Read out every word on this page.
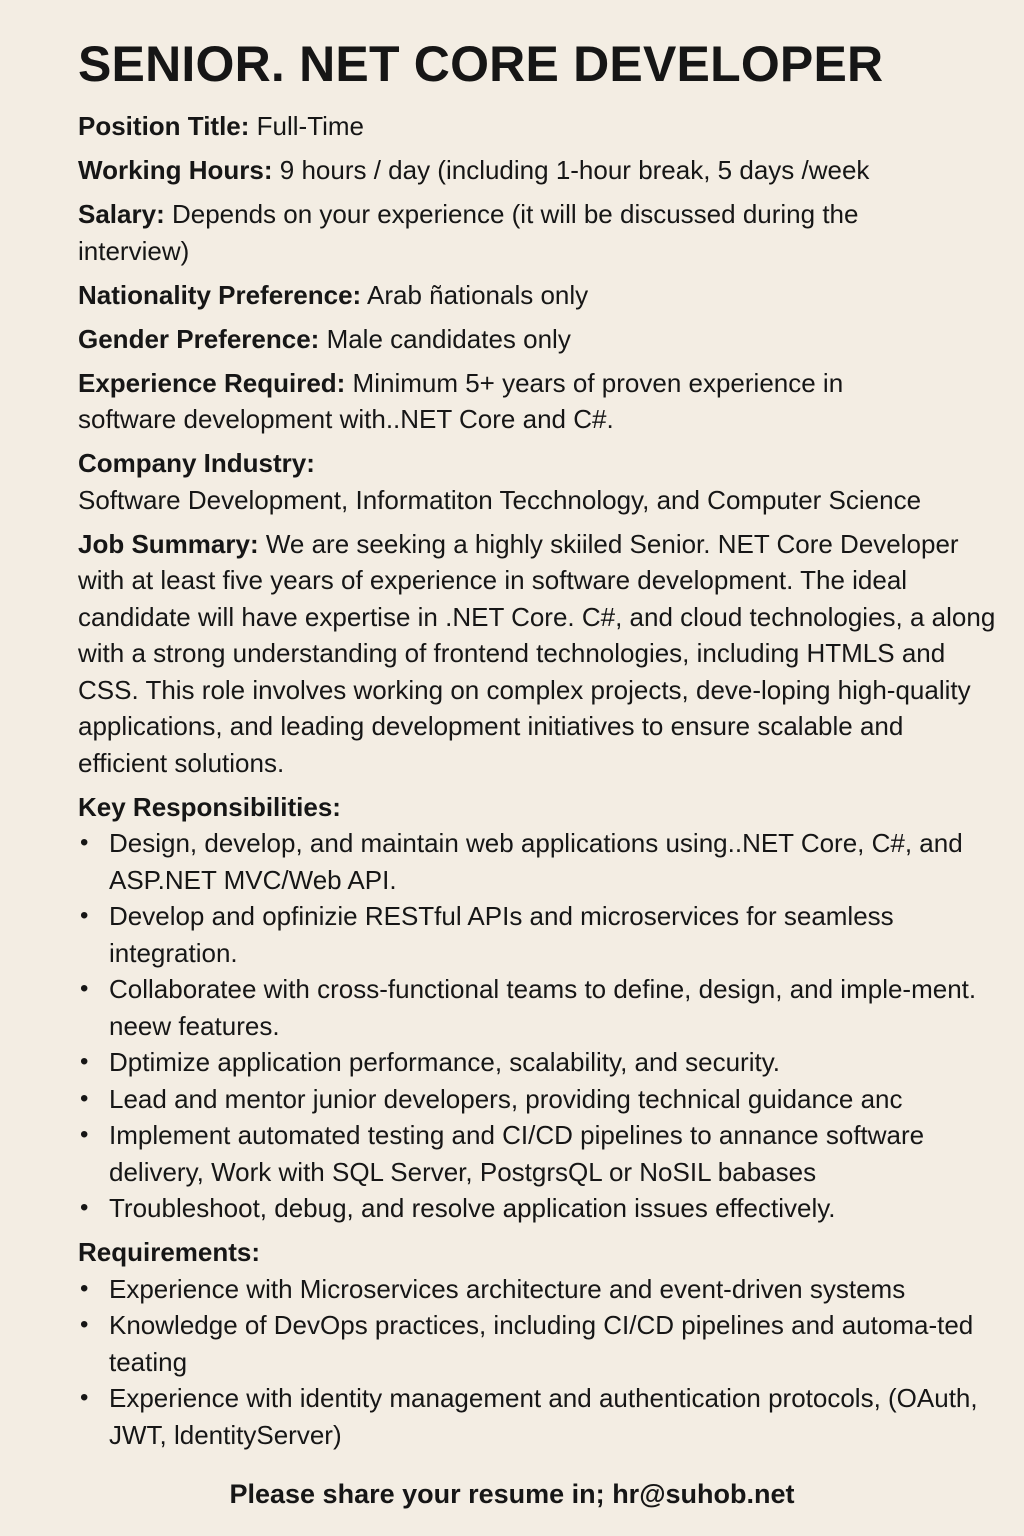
SENIOR. NET CORE DEVELOPER
Position Title: Full-Time
Working Hours: 9 hours / day (including 1-hour break, 5 days /week
Salary: Depends on your experience (it will be discussed during the interview)
Nationality Preference: Arab ñationals only
Gender Preference: Male candidates only
Experience Required: Minimum 5+ years of proven experience in software development with..NET Core and C#.
Company Industry:
Software Development, Informatiton Tecchnology, and Computer Science
Job Summary: We are seeking a highly skiiled Senior. NET Core Developer with at least five years of experience in software development. The ideal candidate will have expertise in .NET Core. C#, and cloud technologies, a along with a strong understanding of frontend technologies, including HTMLS and CSS. This role involves working on complex projects, deve-loping high-quality applications, and leading development initiatives to ensure scalable and efficient solutions.
Key Responsibilities:
• Design, develop, and maintain web applications using..NET Core, C#, and ASP.NET MVC/Web API.
• Develop and opfinizie RESTful APIs and microservices for seamless integration.
• Collaboratee with cross-functional teams to define, design, and imple-ment. neew features.
• Dptimize application performance, scalability, and security.
• Lead and mentor junior developers, providing technical guidance anc
• Implement automated testing and CI/CD pipelines to annance software delivery, Work with SQL Server, PostgrsQL or NoSIL babases
• Troubleshoot, debug, and resolve application issues effectively.
Requirements:
• Experience with Microservices architecture and event-driven systems
• Knowledge of DevOps practices, including CI/CD pipelines and automa-ted teating
• Experience with identity management and authentication protocols, (OAuth, JWT, ldentityServer)
Please share your resume in; hr@suhob.net
